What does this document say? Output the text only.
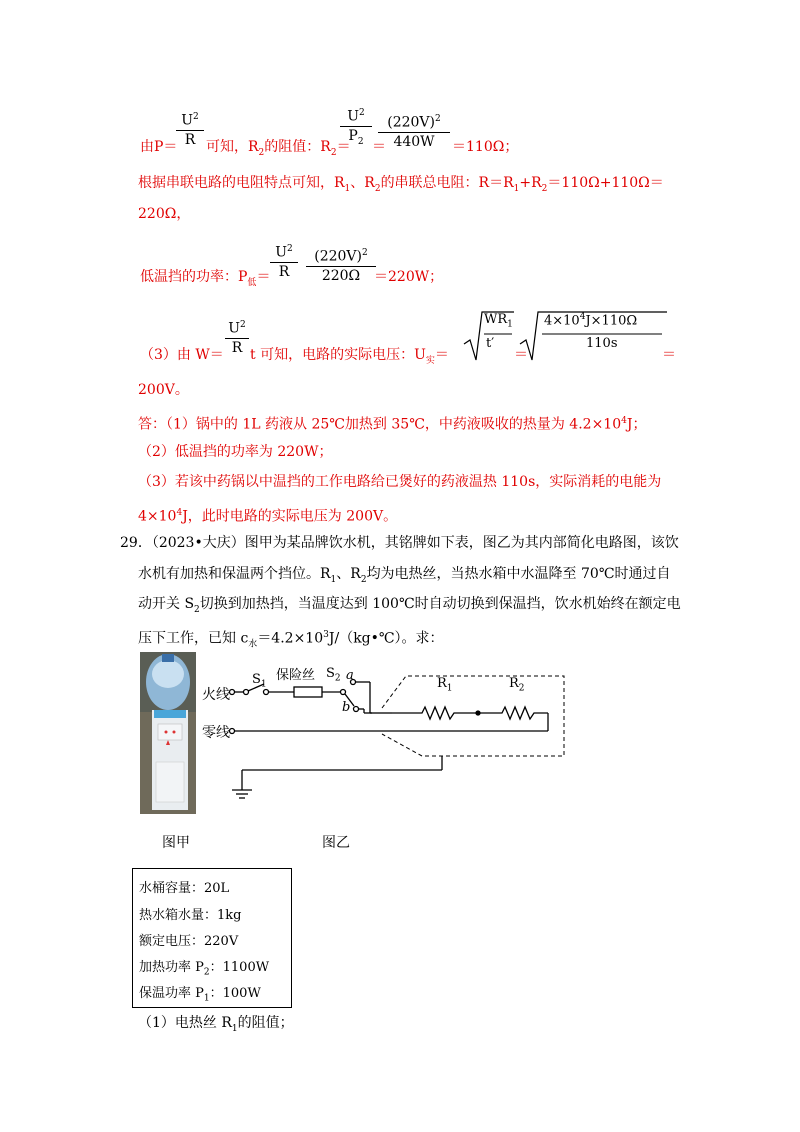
$\frac{U^2}{R}$	$\frac{U^2}{P_2} \frac{(220V)^2}{440W}$
由P＝ 可知，$R_2$的阻值：$R_2=$ ＝	＝110Ω；
根据串联电路的电阻特点可知，$R_1$、$R_2$的串联总电阻：$R=R_1+R_2=110\Omega+110\Omega=$
220Ω，
$\frac{U^2}{R} \frac{(220V)^2}{220\Omega}$
低温挡的功率：$P_低=$	＝220W；
$\frac{U^2}{R}$
（3）由 W＝ t 可知，电路的实际电压：$U_实=$
$WR_1$
t′
＝
$4\times 10^4J\times 110\Omega$
110s
＝
200V。
答：（1）锅中的 1L 药液从 25℃加热到 35℃，中药液吸收的热量为 $4.2\times 10^4J$；
（2）低温挡的功率为 220W；
（3）若该中药锅以中温挡的工作电路给已煲好的药液温热 110s，实际消耗的电能为
$4\times 10^4J$，此时电路的实际电压为 200V。
29．（2023•大庆）图甲为某品牌饮水机，其铭牌如下表，图乙为其内部简化电路图，该饮
水机有加热和保温两个挡位。$R_1$、$R_2$均为电热丝，当热水箱中水温降至 70℃时通过自
动开关 $S_2$切换到加热挡，当温度达到 100℃时自动切换到保温挡，饮水机始终在额定电
压下工作，已知 $c_水=4.2\times 10^3J/(kg•℃)$。求：
火线
零线
$S_1$
保险丝 $S_2$ a
b
$R_1$	$R_2$
图甲	图乙
水桶容量：20L
热水箱水量：1kg
额定电压：220V
加热功率 $P_2$：1100W
保温功率 $P_1$：100W
（1）电热丝 $R_1$的阻值；
